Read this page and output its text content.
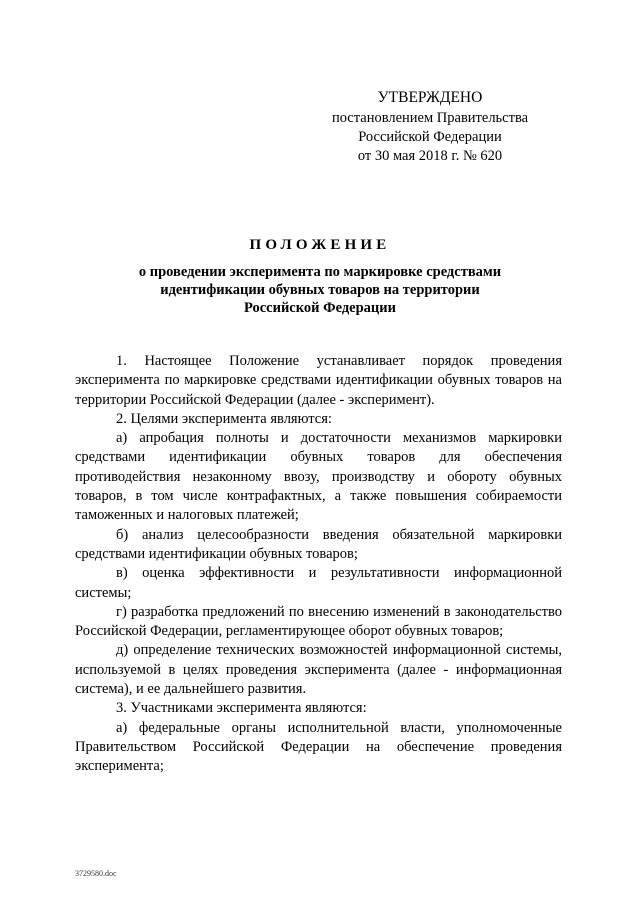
УТВЕРЖДЕНО
постановлением Правительства
Российской Федерации
от 30 мая 2018 г. № 620
ПОЛОЖЕНИЕ
о проведении эксперимента по маркировке средствами
идентификации обувных товаров на территории
Российской Федерации
1. Настоящее Положение устанавливает порядок проведения эксперимента по маркировке средствами идентификации обувных товаров на территории Российской Федерации (далее - эксперимент).
2. Целями эксперимента являются:
а) апробация полноты и достаточности механизмов маркировки средствами идентификации обувных товаров для обеспечения противодействия незаконному ввозу, производству и обороту обувных товаров, в том числе контрафактных, а также повышения собираемости таможенных и налоговых платежей;
б) анализ целесообразности введения обязательной маркировки средствами идентификации обувных товаров;
в) оценка эффективности и результативности информационной системы;
г) разработка предложений по внесению изменений в законодательство Российской Федерации, регламентирующее оборот обувных товаров;
д) определение технических возможностей информационной системы, используемой в целях проведения эксперимента (далее - информационная система), и ее дальнейшего развития.
3. Участниками эксперимента являются:
а) федеральные органы исполнительной власти, уполномоченные Правительством Российской Федерации на обеспечение проведения эксперимента;
3729580.doc
